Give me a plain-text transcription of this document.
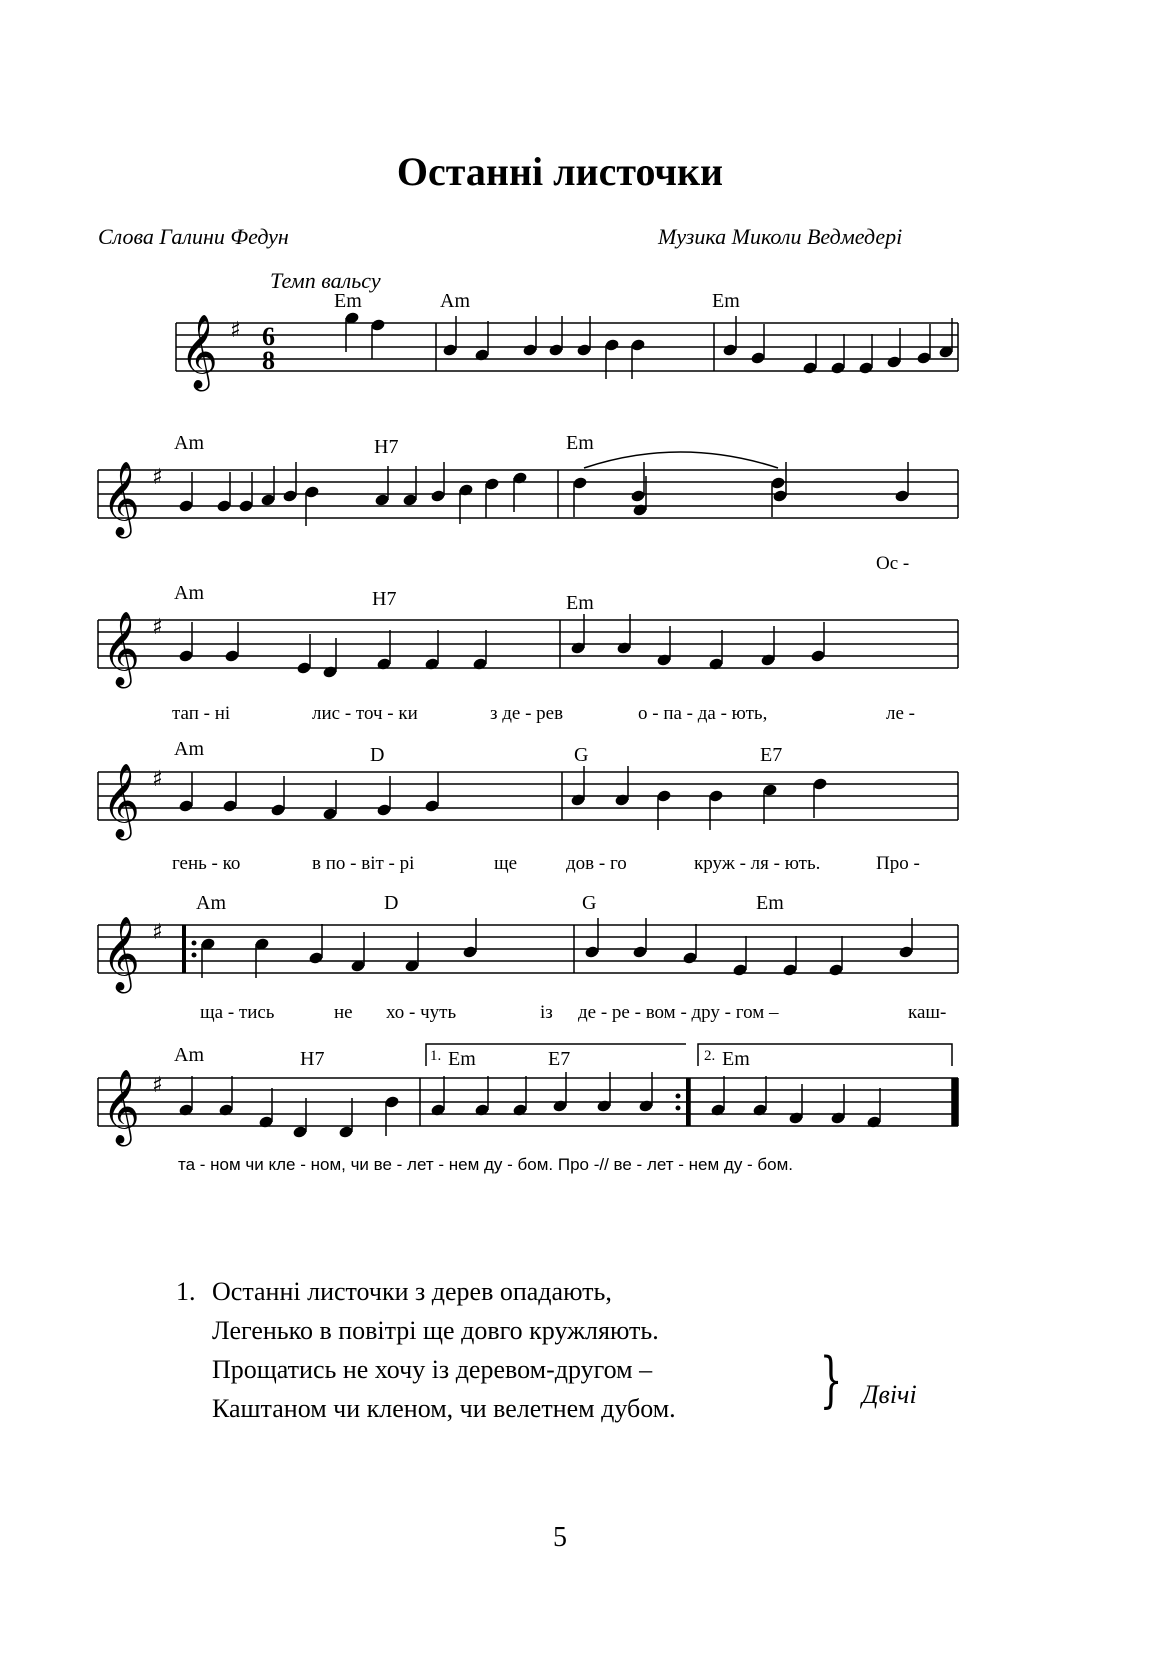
Останні листочки
Слова Галини Федун	Музика Миколи Ведмедері
Темп вальсу
𝄞 ♯ 6
8
𝄞 ♯
𝄞 ♯
𝄞 ♯
𝄞 ♯
𝄞 ♯
Em	Am	Em
Am	H7	Em
Am	H7	Em
Am	D	G	E7
Am	D	G	Em
Am	H7	1. Em	E7	2. Em
Ос -
тап - ні	лис - точ - ки	з де - рев	о - па - да - ють,	ле -
гень - ко	в по - віт - рі	ще	дов - го	круж - ля - ють.	Про -
ща - тись	не хо - чуть	із де - ре - вом - дру - гом –	каш-
та - ном чи кле - ном, чи ве - лет - нем ду - бом. Про -// ве - лет - нем ду - бом.
1. Останні листочки з дерев опадають,
Легенько в повітрі ще довго кружляють.
Прощатись не хочу із деревом-другом –
Каштаном чи кленом, чи велетнем дубом. } Двічі
5
